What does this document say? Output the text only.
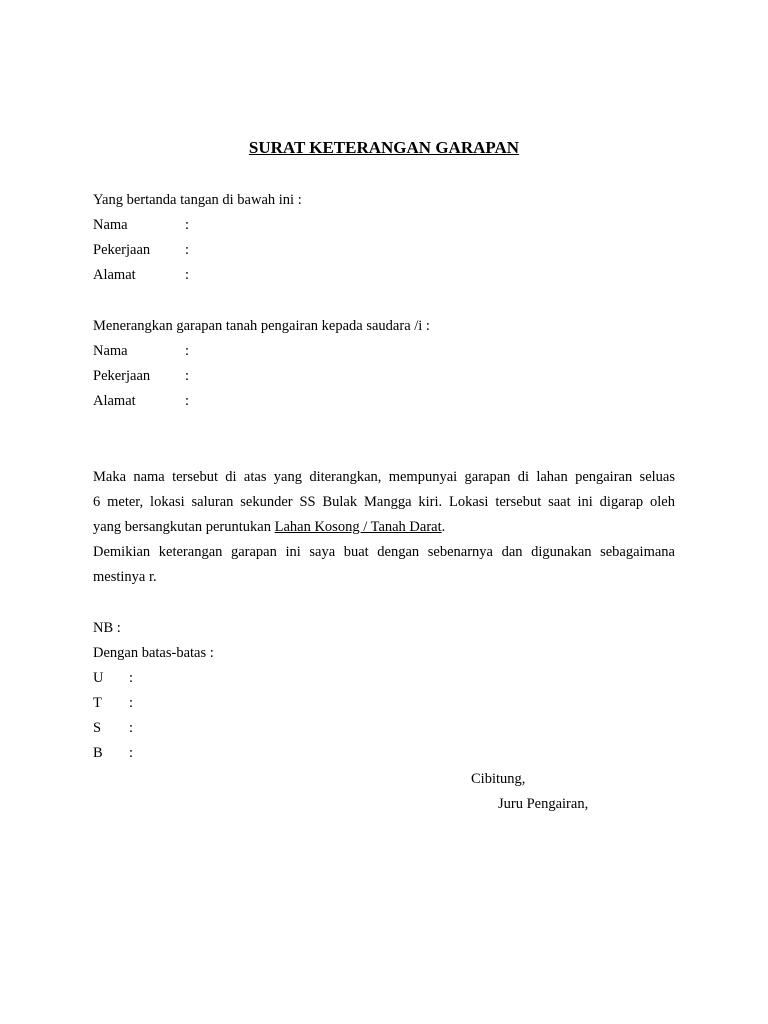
SURAT KETERANGAN GARAPAN
Yang bertanda tangan di bawah ini :
Nama	:
Pekerjaan :
Alamat	:
Menerangkan garapan tanah pengairan kepada saudara /i :
Nama	:
Pekerjaan :
Alamat	:
Maka nama tersebut di atas yang diterangkan, mempunyai garapan di lahan pengairan seluas
6 meter, lokasi saluran sekunder SS Bulak Mangga kiri. Lokasi tersebut saat ini digarap oleh
yang bersangkutan peruntukan Lahan Kosong / Tanah Darat.
Demikian keterangan garapan ini saya buat dengan sebenarnya dan digunakan sebagaimana
mestinya r.
NB :
Dengan batas-batas :
U :
T :
S :
B :
Cibitung,
Juru Pengairan,
